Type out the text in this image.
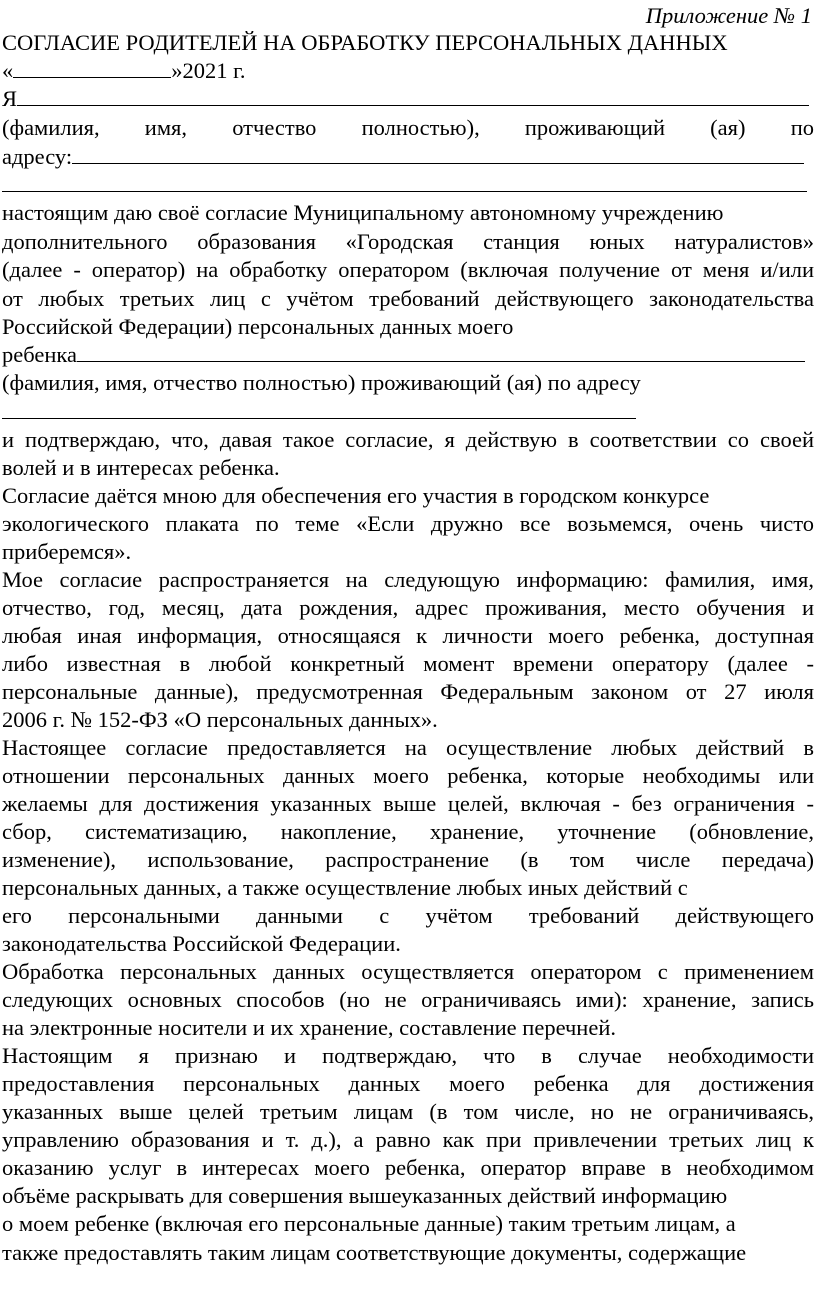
Приложение № 1

СОГЛАСИЕ РОДИТЕЛЕЙ НА ОБРАБОТКУ ПЕРСОНАЛЬНЫХ ДАННЫХ

«	»2021 г.

Я

(фамилия, имя, отчество полностью), проживающий (ая) по

адресу:

настоящим даю своё согласие Муниципальному автономному учреждению

дополнительного образования «Городская станция юных натуралистов»

(далее - оператор) на обработку оператором (включая получение от меня и/или

от любых третьих лиц с учётом требований действующего законодательства

Российской Федерации) персональных данных моего

ребенка

(фамилия, имя, отчество полностью) проживающий (ая) по адресу

и подтверждаю, что, давая такое согласие, я действую в соответствии со своей

волей и в интересах ребенка.

Согласие даётся мною для обеспечения его участия в городском конкурсе

экологического плаката по теме «Если дружно все возьмемся, очень чисто

приберемся».

Мое согласие распространяется на следующую информацию: фамилия, имя,

отчество, год, месяц, дата рождения, адрес проживания, место обучения и

любая иная информация, относящаяся к личности моего ребенка, доступная

либо известная в любой конкретный момент времени оператору (далее -

персональные данные), предусмотренная Федеральным законом от 27 июля

2006 г. № 152-ФЗ «О персональных данных».

Настоящее согласие предоставляется на осуществление любых действий в

отношении персональных данных моего ребенка, которые необходимы или

желаемы для достижения указанных выше целей, включая - без ограничения -

сбор, систематизацию, накопление, хранение, уточнение (обновление,

изменение), использование, распространение (в том числе передача)

персональных данных, а также осуществление любых иных действий с

его персональными данными с учётом требований действующего

законодательства Российской Федерации.

Обработка персональных данных осуществляется оператором с применением

следующих основных способов (но не ограничиваясь ими): хранение, запись

на электронные носители и их хранение, составление перечней.

Настоящим я признаю и подтверждаю, что в случае необходимости

предоставления персональных данных моего ребенка для достижения

указанных выше целей третьим лицам (в том числе, но не ограничиваясь,

управлению образования и т. д.), а равно как при привлечении третьих лиц к

оказанию услуг в интересах моего ребенка, оператор вправе в необходимом

объёме раскрывать для совершения вышеуказанных действий информацию

о моем ребенке (включая его персональные данные) таким третьим лицам, а

также предоставлять таким лицам соответствующие документы, содержащие
